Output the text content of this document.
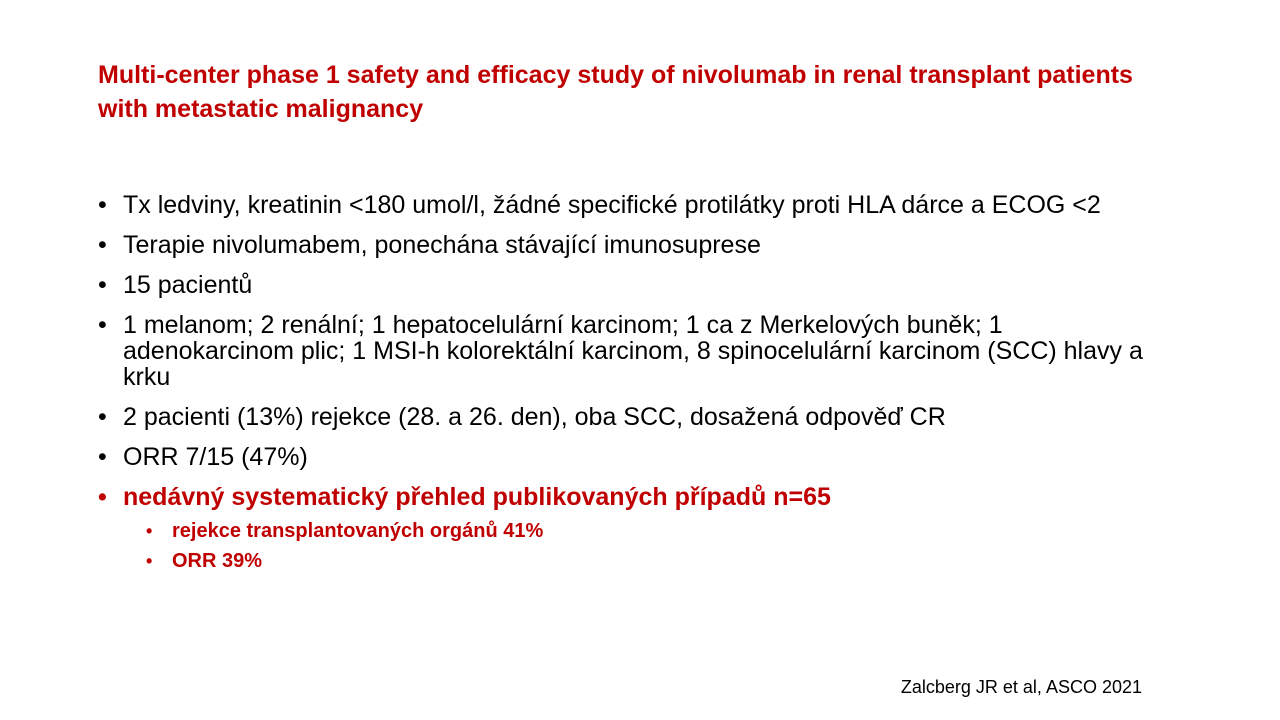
Multi-center phase 1 safety and efficacy study of nivolumab in renal transplant patients with metastatic malignancy
• Tx ledviny, kreatinin <180 umol/l, žádné specifické protilátky proti HLA dárce a ECOG <2
• Terapie nivolumabem, ponechána stávající imunosuprese
• 15 pacientů
• 1 melanom; 2 renální; 1 hepatocelulární karcinom; 1 ca z Merkelových buněk; 1 adenokarcinom plic; 1 MSI-h kolorektální karcinom, 8 spinocelulární karcinom (SCC) hlavy a krku
• 2 pacienti (13%) rejekce (28. a 26. den), oba SCC, dosažená odpověď CR
• ORR 7/15 (47%)
• nedávný systematický přehled publikovaných případů n=65
• rejekce transplantovaných orgánů 41%
• ORR 39%
Zalcberg JR et al, ASCO 2021
